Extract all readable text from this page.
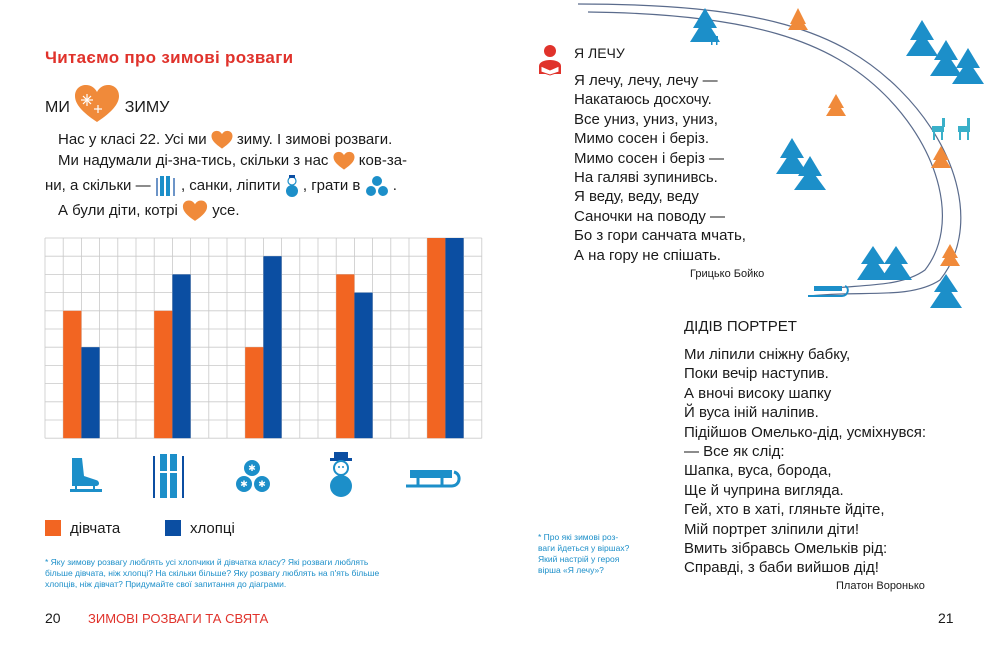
Читаємо про зимові розваги
МИ	ЗИМУ
Нас у класі 22. Усі ми зиму. І зимові розваги.
Ми надумали ді-зна-тись, скільки з нас ков-за-
ни, а скільки — , санки, ліпити , грати в .
А були діти, котрі усе.
✱
✱ ✱
дівчата	хлопці
* Яку зимову розвагу люблять усі хлопчики й дівчатка класу? Які розваги люблять
більше дівчата, ніж хлопці? На скільки більше? Яку розвагу люблять на п'ять більше
хлопців, ніж дівчат? Придумайте свої запитання до діаграми.
20 ЗИМОВІ РОЗВАГИ ТА СВЯТА
Я ЛЕЧУ
Я лечу, лечу, лечу —
Накатаюсь досхочу.
Все униз, униз, униз,
Мимо сосен і беріз.
Мимо сосен і беріз —
На галяві зупинивсь.
Я веду, веду, веду
Саночки на поводу —
Бо з гори санчата мчать,
А на гору не спішать.
Грицько Бойко
ДІДІВ ПОРТРЕТ
Ми ліпили сніжну бабку,
Поки вечір наступив.
А вночі високу шапку
Й вуса іній наліпив.
Підійшов Омелько-дід, усміхнувся:
— Все як слід:
Шапка, вуса, борода,
Ще й чуприна вигляда.
Гей, хто в хаті, гляньте йдіте,
Мій портрет зліпили діти!
Вмить зібравсь Омельків рід:
Справді, з баби вийшов дід!
Платон Воронько
* Про які зимові роз-
ваги йдеться у віршах?
Який настрій у героя
вірша «Я лечу»?
21
